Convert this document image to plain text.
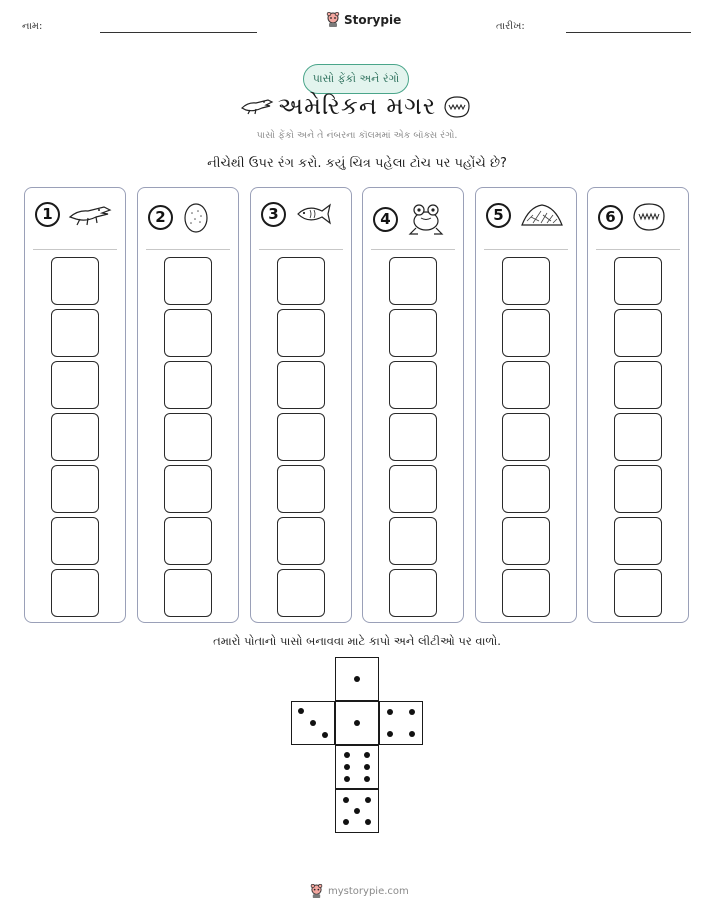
નામ:	Storypie	તારીખ:
પાસો ફેંકો અને રંગો
અમેરિકન મગર
પાસો ફેંકો અને તે નંબરના કૉલમમાં એક બૉક્સ રંગો.
નીચેથી ઉપર રંગ કરો. કયું ચિત્ર પહેલા ટોચ પર પહોંચે છે?
1	2	3	4	5	6
તમારો પોતાનો પાસો બનાવવા માટે કાપો અને લીટીઓ પર વાળો.
mystorypie.com
